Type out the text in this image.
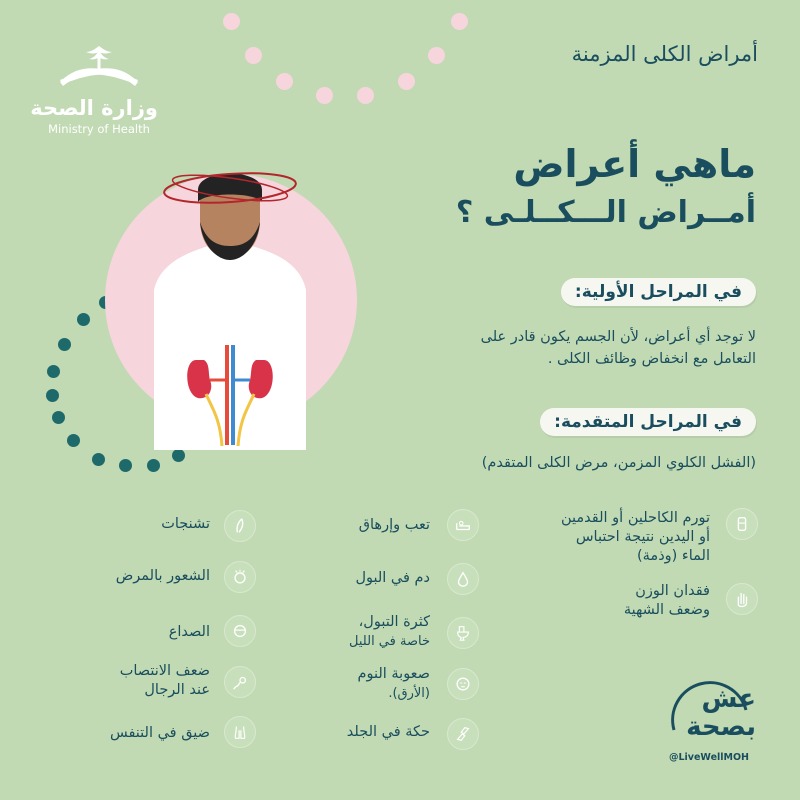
وزارة الصحة
Ministry of Health
أمراض الكلى المزمنة
ماهي أعراض
أمــراض الـــكــلـى ؟
في المراحل الأولية:
لا توجد أي أعراض، لأن الجسم يكون قادر على
التعامل مع انخفاض وظائف الكلى .
في المراحل المتقدمة:
(الفشل الكلوي المزمن، مرض الكلى المتقدم)
تورم الكاحلين أو القدمين
أو اليدين نتيجة احتباس
الماء (وذمة)
فقدان الوزن
وضعف الشهية
تعب وإرهاق
دم في البول
كثرة التبول،
خاصة في الليل
صعوبة النوم
(الأرق).
حكة في الجلد
تشنجات
الشعور بالمرض
الصداع
ضعف الانتصاب
عند الرجال
ضيق في التنفس
عش
بصحة
@LiveWellMOH
